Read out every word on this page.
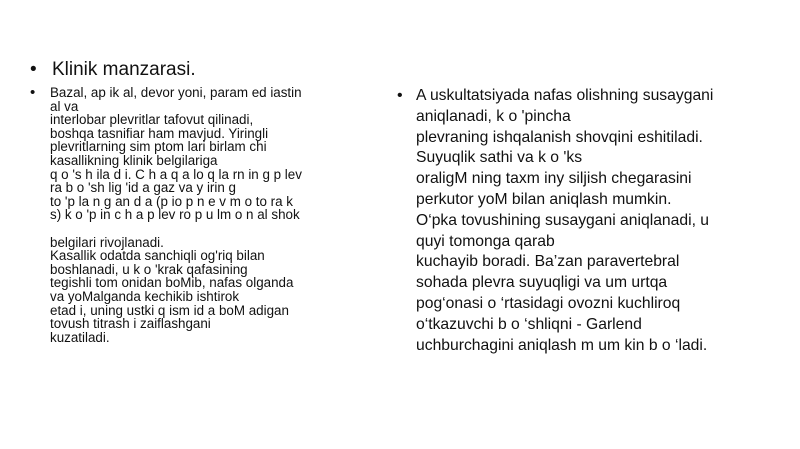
• Klinik manzarasi.
• Bazal, ap ik al, devor yoni, param ed iastin
al va
interlobar plevritlar tafovut qilinadi,
boshqa tasnifiar ham mavjud. Yiringli
plevritlarning sim ptom lari birlam chi
kasallikning klinik belgilariga
q o 's h ila d i. C h a q a lo q la rn in g p lev
ra b o 'sh lig 'id a gaz va y irin g
to 'p la n g an d a (p io p n e v m o to ra k
s) k o 'p in c h a p lev ro p u lm o n al shok
belgilari rivojlanadi.
Kasallik odatda sanchiqli og'riq bilan
boshlanadi, u k o 'krak qafasining
tegishli tom onidan boMib, nafas olganda
va yoMalganda kechikib ishtirok
etad i, uning ustki q ism id a boM adigan
tovush titrash i zaiflashgani
kuzatiladi.
• A uskultatsiyada nafas olishning susaygani
aniqlanadi, k o 'pincha
plevraning ishqalanish shovqini eshitiladi.
Suyuqlik sathi va k o 'ks
oraligM ning taxm iny siljish chegarasini
perkutor yoM bilan aniqlash mumkin.
O‘pka tovushining susaygani aniqlanadi, u
quyi tomonga qarab
kuchayib boradi. Ba’zan paravertebral
sohada plevra suyuqligi va um urtqa
pog‘onasi o ‘rtasidagi ovozni kuchliroq
o‘tkazuvchi b o ‘shliqni - Garlend
uchburchagini aniqlash m um kin b o ‘ladi.
